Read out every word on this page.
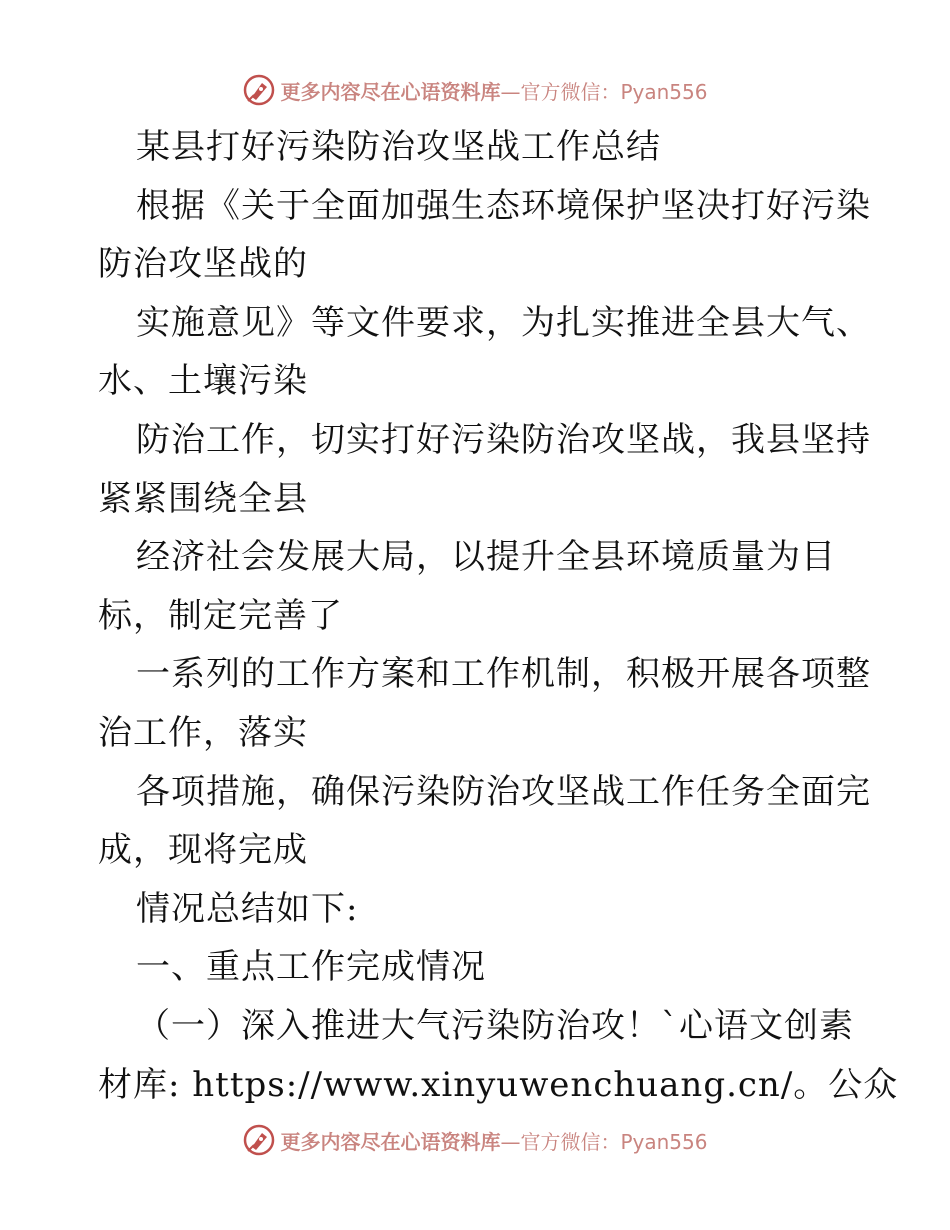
更多内容尽在心语资料库—官方微信：Pyan556
某县打好污染防治攻坚战工作总结
根据《关于全面加强生态环境保护坚决打好污染
防治攻坚战的
实施意见》等文件要求，为扎实推进全县大气、
水、土壤污染
防治工作，切实打好污染防治攻坚战，我县坚持
紧紧围绕全县
经济社会发展大局，以提升全县环境质量为目
标，制定完善了
一系列的工作方案和工作机制，积极开展各项整
治工作，落实
各项措施，确保污染防治攻坚战工作任务全面完
成，现将完成
情况总结如下:
一、重点工作完成情况
（一）深入推进大气污染防治攻！`心语文创素
材库: https://www.xinyuwenchuang.cn/。公众
更多内容尽在心语资料库—官方微信：Pyan556
